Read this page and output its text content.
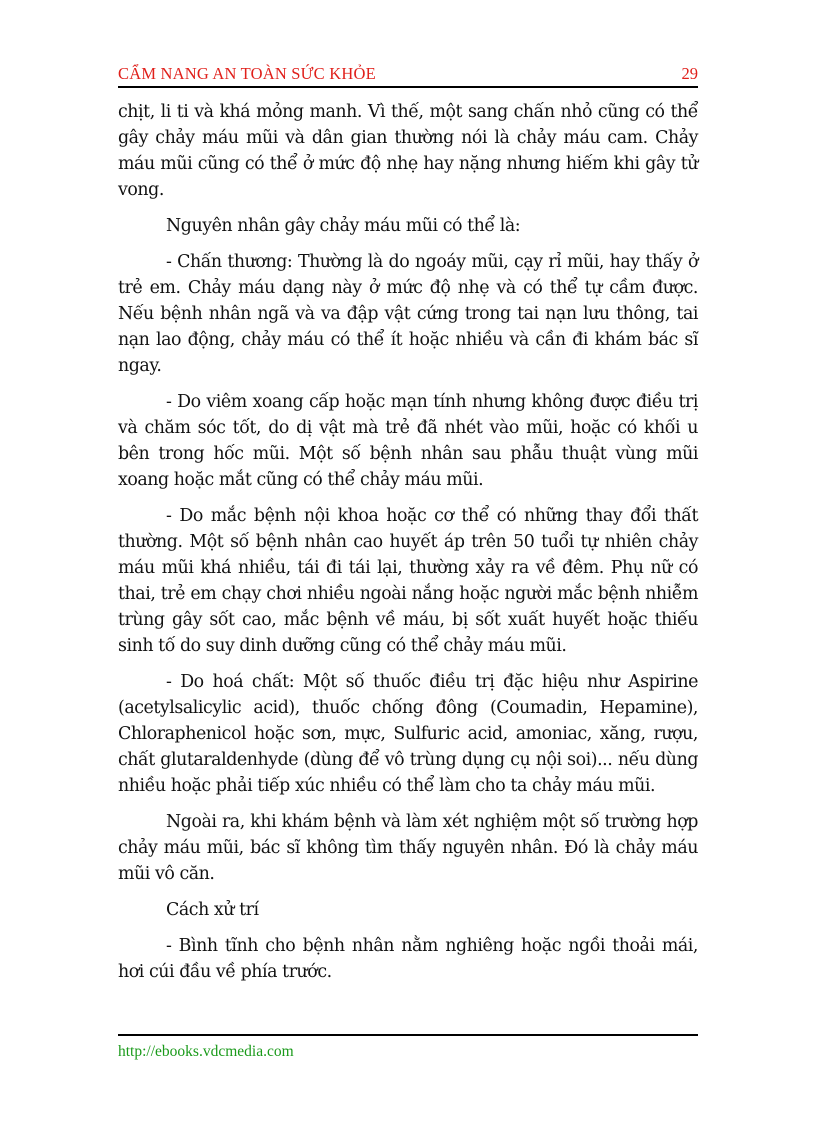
CẨM NANG AN TOÀN SỨC KHỎE	29

chịt, li ti và khá mỏng manh. Vì thế, một sang chấn nhỏ cũng có thể gây chảy máu mũi và dân gian thường nói là chảy máu cam. Chảy máu mũi cũng có thể ở mức độ nhẹ hay nặng nhưng hiếm khi gây tử vong.

Nguyên nhân gây chảy máu mũi có thể là:

- Chấn thương: Thường là do ngoáy mũi, cạy rỉ mũi, hay thấy ở trẻ em. Chảy máu dạng này ở mức độ nhẹ và có thể tự cầm được. Nếu bệnh nhân ngã và va đập vật cứng trong tai nạn lưu thông, tai nạn lao động, chảy máu có thể ít hoặc nhiều và cần đi khám bác sĩ ngay.

- Do viêm xoang cấp hoặc mạn tính nhưng không được điều trị và chăm sóc tốt, do dị vật mà trẻ đã nhét vào mũi, hoặc có khối u bên trong hốc mũi. Một số bệnh nhân sau phẫu thuật vùng mũi xoang hoặc mắt cũng có thể chảy máu mũi.

- Do mắc bệnh nội khoa hoặc cơ thể có những thay đổi thất thường. Một số bệnh nhân cao huyết áp trên 50 tuổi tự nhiên chảy máu mũi khá nhiều, tái đi tái lại, thường xảy ra về đêm. Phụ nữ có thai, trẻ em chạy chơi nhiều ngoài nắng hoặc người mắc bệnh nhiễm trùng gây sốt cao, mắc bệnh về máu, bị sốt xuất huyết hoặc thiếu sinh tố do suy dinh dưỡng cũng có thể chảy máu mũi.

- Do hoá chất: Một số thuốc điều trị đặc hiệu như Aspirine (acetylsalicylic acid), thuốc chống đông (Coumadin, Hepamine), Chloraphenicol hoặc sơn, mực, Sulfuric acid, amoniac, xăng, rượu, chất glutaraldenhyde (dùng để vô trùng dụng cụ nội soi)... nếu dùng nhiều hoặc phải tiếp xúc nhiều có thể làm cho ta chảy máu mũi.

Ngoài ra, khi khám bệnh và làm xét nghiệm một số trường hợp chảy máu mũi, bác sĩ không tìm thấy nguyên nhân. Đó là chảy máu mũi vô căn.

Cách xử trí

- Bình tĩnh cho bệnh nhân nằm nghiêng hoặc ngồi thoải mái, hơi cúi đầu về phía trước.

http://ebooks.vdcmedia.com
